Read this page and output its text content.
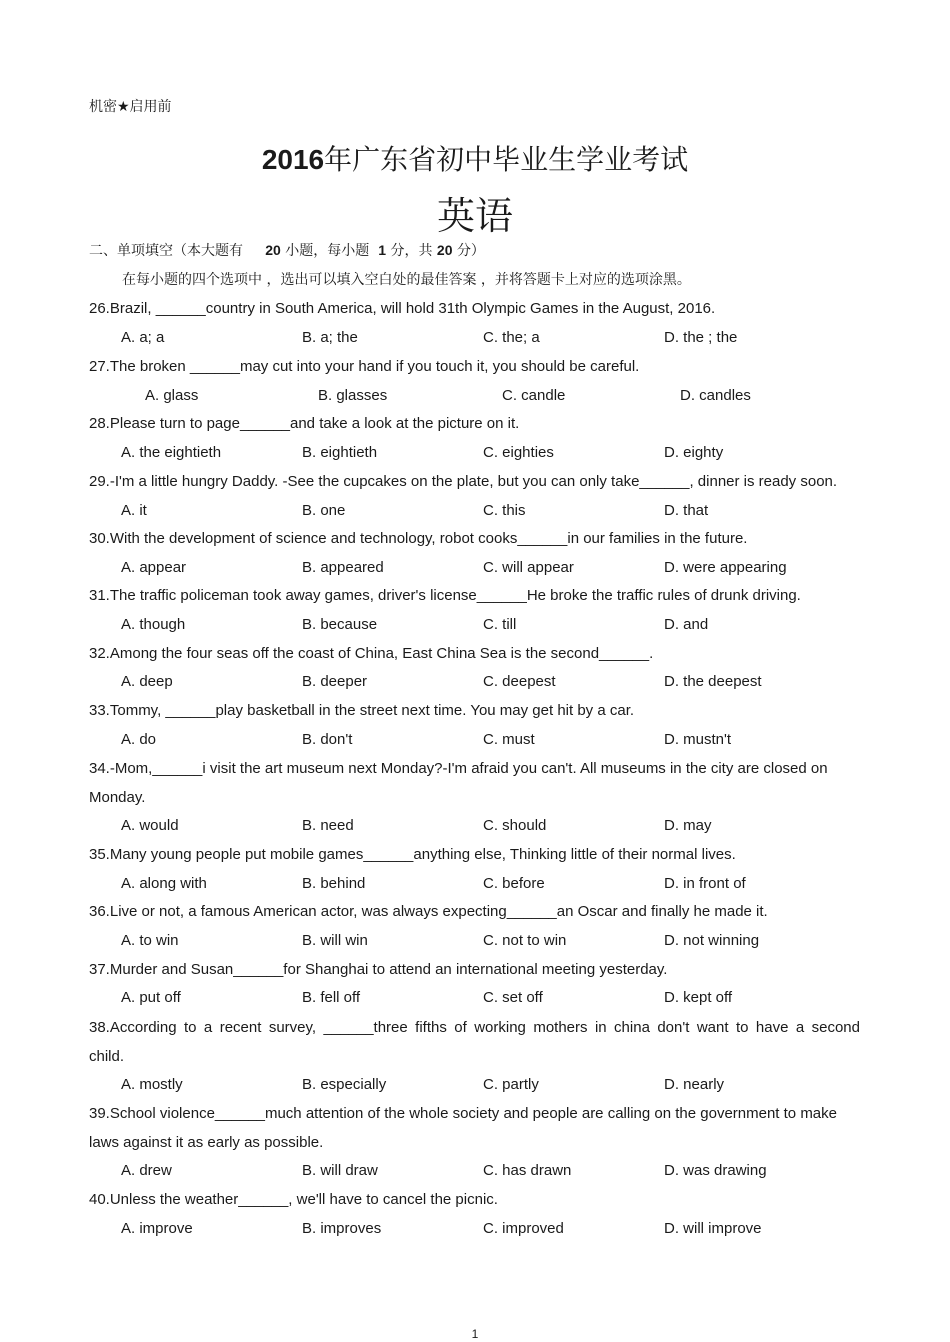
机密★启用前
2016年广东省初中毕业生学业考试
英语
二、单项填空（本大题有 20 小题，每小题 1 分，共 20 分）
在每小题的四个选项中 ，选出可以填入空白处的最佳答案 ，并将答题卡上对应的选项涂黑。
26.Brazil, ______country in South America, will hold 31th Olympic Games in the August, 2016.
A. a; a	B. a; the	C. the; a	D. the ; the
27.The broken ______may cut into your hand if you touch it, you should be careful.
A. glass	B. glasses	C. candle	D. candles
28.Please turn to page______and take a look at the picture on it.
A. the eightieth	B. eightieth	C. eighties	D. eighty
29.-I'm a little hungry Daddy. -See the cupcakes on the plate, but you can only take______, dinner is ready soon.
A. it	B. one	C. this	D. that
30.With the development of science and technology, robot cooks______in our families in the future.
A. appear	B. appeared	C. will appear	D. were appearing
31.The traffic policeman took away games, driver's license______He broke the traffic rules of drunk driving.
A. though	B. because	C. till	D. and
32.Among the four seas off the coast of China, East China Sea is the second______.
A. deep	B. deeper	C. deepest	D. the deepest
33.Tommy, ______play basketball in the street next time. You may get hit by a car.
A. do	B. don't	C. must	D. mustn't
34.-Mom,______i visit the art museum next Monday?-I'm afraid you can't. All museums in the city are closed on Monday.
A. would	B. need	C. should	D. may
35.Many young people put mobile games______anything else, Thinking little of their normal lives.
A. along with	B. behind	C. before	D. in front of
36.Live or not, a famous American actor, was always expecting______an Oscar and finally he made it.
A. to win	B. will win	C. not to win	D. not winning
37.Murder and Susan______for Shanghai to attend an international meeting yesterday.
A. put off	B. fell off	C. set off	D. kept off
38.According to a recent survey, ______three fifths of working mothers in china don't want to have a second child.
A. mostly	B. especially	C. partly	D. nearly
39.School violence______much attention of the whole society and people are calling on the government to make laws against it as early as possible.
A. drew	B. will draw	C. has drawn	D. was drawing
40.Unless the weather______, we'll have to cancel the picnic.
A. improve	B. improves	C. improved	D. will improve
1
